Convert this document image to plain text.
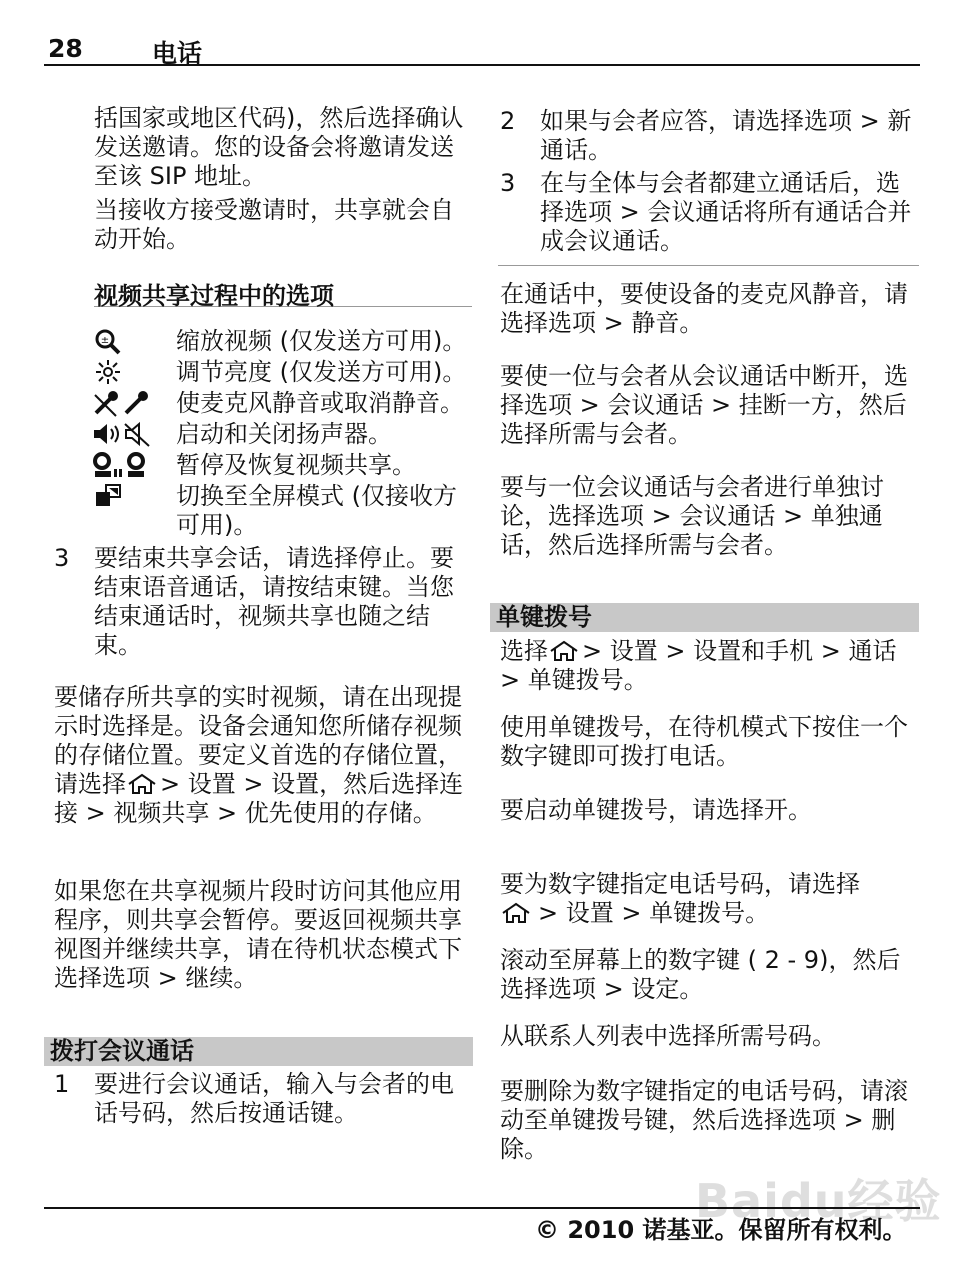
28	电话

括国家或地区代码)，然后选择确认发送邀请。您的设备会将邀请发送至该 SIP 地址。

当接收方接受邀请时，共享就会自动开始。

视频共享过程中的选项
±	缩放视频 (仅发送方可用)。

调节亮度 (仅发送方可用)。

使麦克风静音或取消静音。

启动和关闭扬声器。

暂停及恢复视频共享。

切换至全屏模式 (仅接收方可用)。

3 要结束共享会话，请选择停止。要结束语音通话，请按结束键。当您结束通话时，视频共享也随之结束。

要储存所共享的实时视频，请在出现提示时选择是。设备会通知您所储存视频的存储位置。要定义首选的存储位置，请选择 > 设置 > 设置，然后选择连接 > 视频共享 > 优先使用的存储。

如果您在共享视频片段时访问其他应用程序，则共享会暂停。要返回视频共享视图并继续共享，请在待机状态模式下选择选项 > 继续。

拨打会议通话
1 要进行会议通话，输入与会者的电话号码，然后按通话键。

2 如果与会者应答，请选择选项 > 新通话。

3 在与全体与会者都建立通话后，选择选项 > 会议通话将所有通话合并成会议通话。

在通话中，要使设备的麦克风静音，请选择选项 > 静音。

要使一位与会者从会议通话中断开，选择选项 > 会议通话 > 挂断一方，然后选择所需与会者。

要与一位会议通话与会者进行单独讨论，选择选项 > 会议通话 > 单独通话，然后选择所需与会者。

单键拨号

选择 > 设置 > 设置和手机 > 通话 > 单键拨号。

使用单键拨号，在待机模式下按住一个数字键即可拨打电话。

要启动单键拨号，请选择开。

要为数字键指定电话号码，请选择
> 设置 > 单键拨号。

滚动至屏幕上的数字键 ( 2 - 9)，然后选择选项 > 设定。

从联系人列表中选择所需号码。

要删除为数字键指定的电话号码，请滚动至单键拨号键，然后选择选项 > 删除。

Baidu经验
© 2010 诺基亚。保留所有权利。
